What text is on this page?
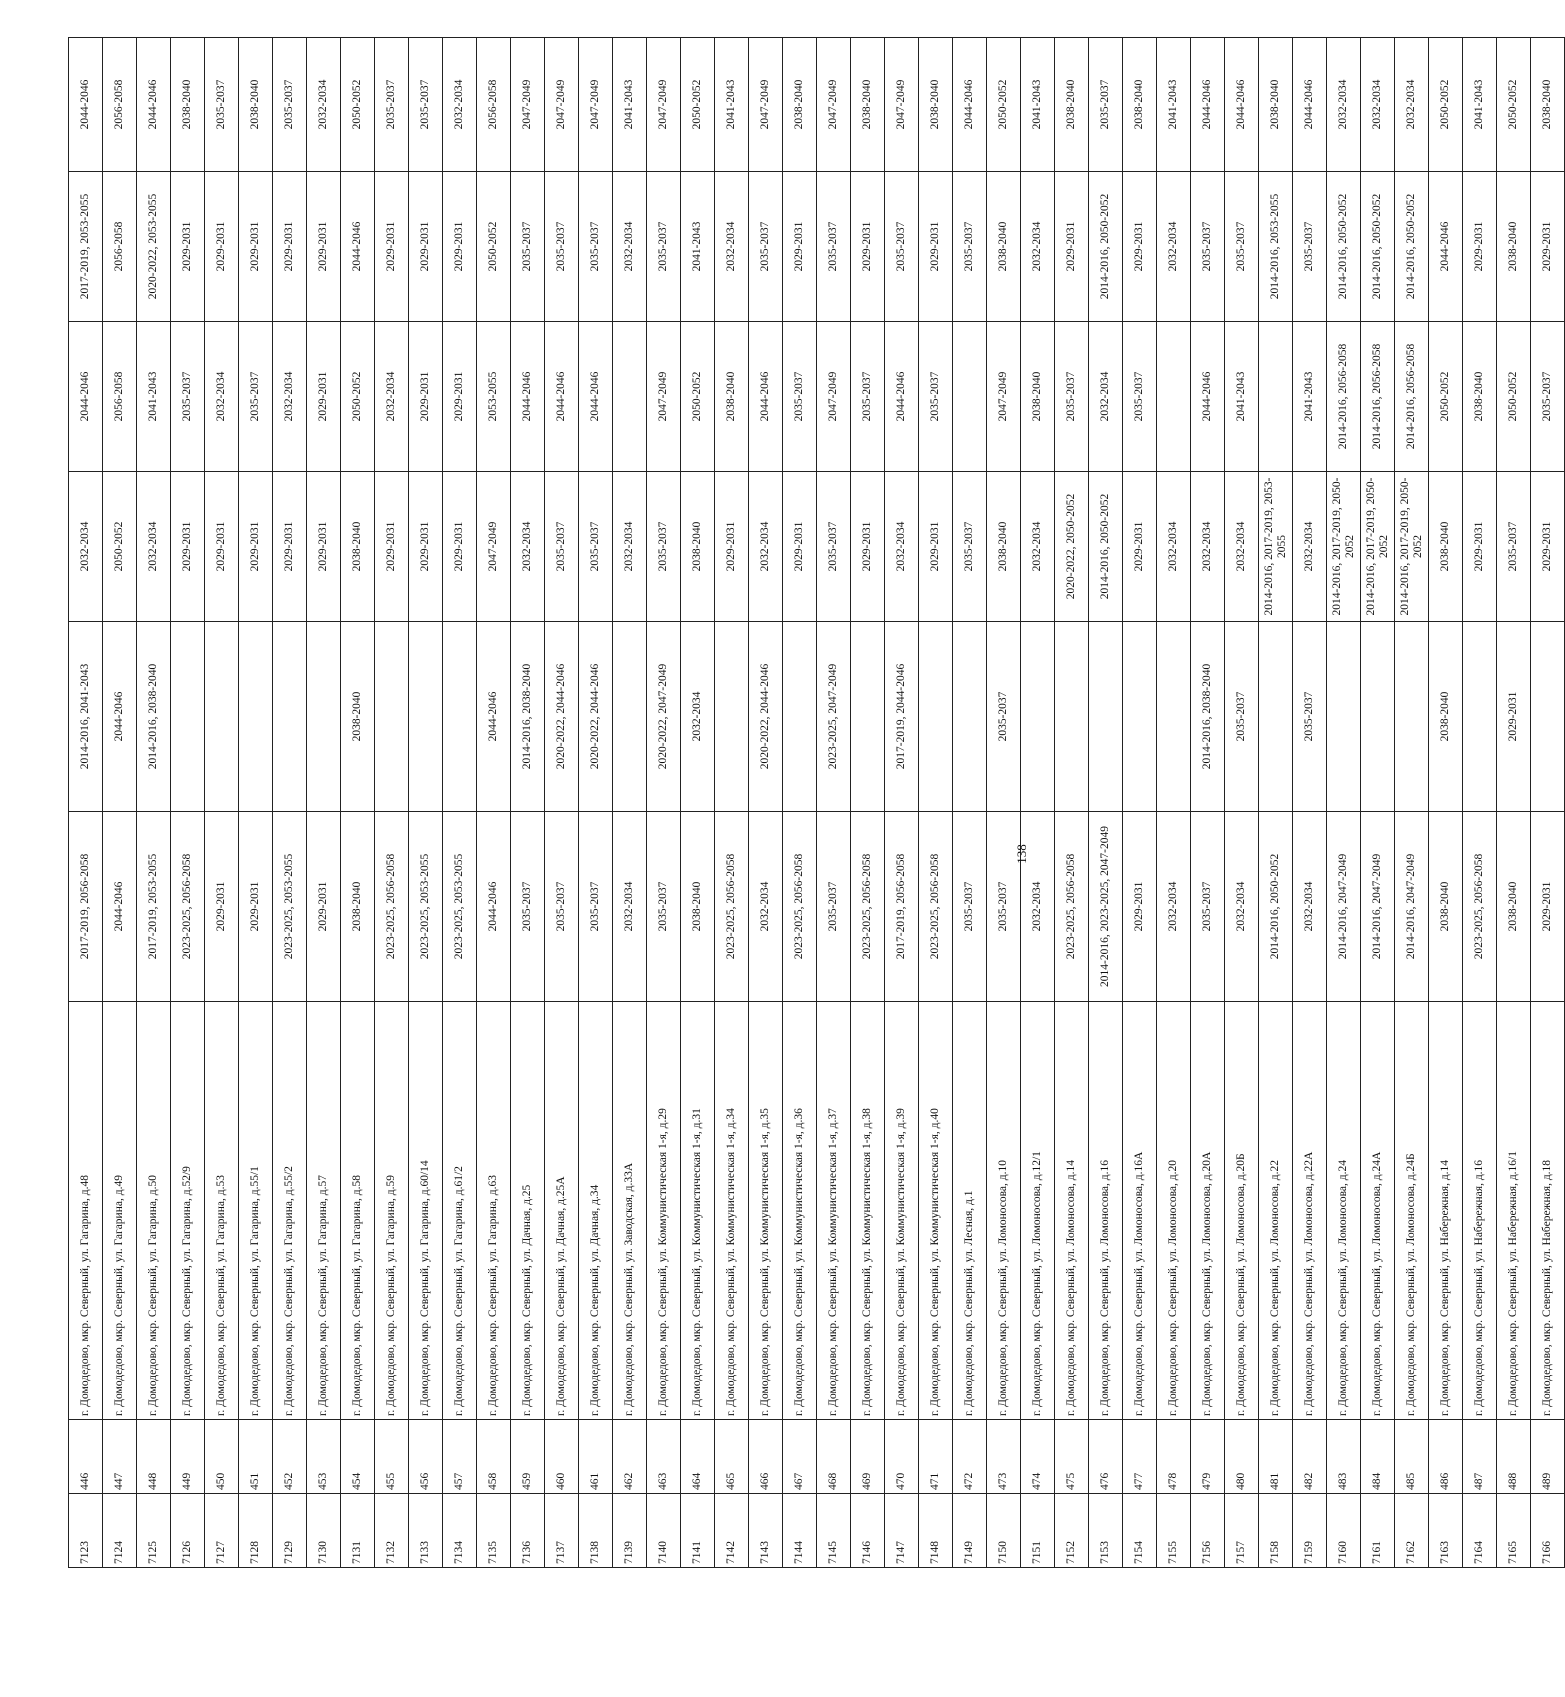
7123	446	г. Домодедово, мкр. Северный, ул. Гагарина, д.48	2017-2019, 2056-2058	2014-2016, 2041-2043	2032-2034	2044-2046	2017-2019, 2053-2055	2044-2046
7124	447	г. Домодедово, мкр. Северный, ул. Гагарина, д.49	2044-2046	2044-2046	2050-2052	2056-2058	2056-2058	2056-2058
7125	448	г. Домодедово, мкр. Северный, ул. Гагарина, д.50	2017-2019, 2053-2055	2014-2016, 2038-2040	2032-2034	2041-2043	2020-2022, 2053-2055	2044-2046
7126	449	г. Домодедово, мкр. Северный, ул. Гагарина, д.52/9	2023-2025, 2056-2058		2029-2031	2035-2037	2029-2031	2038-2040
7127	450	г. Домодедово, мкр. Северный, ул. Гагарина, д.53	2029-2031		2029-2031	2032-2034	2029-2031	2035-2037
7128	451	г. Домодедово, мкр. Северный, ул. Гагарина, д.55/1	2029-2031		2029-2031	2035-2037	2029-2031	2038-2040
7129	452	г. Домодедово, мкр. Северный, ул. Гагарина, д.55/2	2023-2025, 2053-2055		2029-2031	2032-2034	2029-2031	2035-2037
7130	453	г. Домодедово, мкр. Северный, ул. Гагарина, д.57	2029-2031		2029-2031	2029-2031	2029-2031	2032-2034
7131	454	г. Домодедово, мкр. Северный, ул. Гагарина, д.58	2038-2040	2038-2040	2038-2040	2050-2052	2044-2046	2050-2052
7132	455	г. Домодедово, мкр. Северный, ул. Гагарина, д.59	2023-2025, 2056-2058		2029-2031	2032-2034	2029-2031	2035-2037
7133	456	г. Домодедово, мкр. Северный, ул. Гагарина, д.60/14	2023-2025, 2053-2055		2029-2031	2029-2031	2029-2031	2035-2037
7134	457	г. Домодедово, мкр. Северный, ул. Гагарина, д.61/2	2023-2025, 2053-2055		2029-2031	2029-2031	2029-2031	2032-2034
7135	458	г. Домодедово, мкр. Северный, ул. Гагарина, д.63	2044-2046	2044-2046	2047-2049	2053-2055	2050-2052	2056-2058
7136	459	г. Домодедово, мкр. Северный, ул. Дачная, д.25	2035-2037	2014-2016, 2038-2040	2032-2034	2044-2046	2035-2037	2047-2049
7137	460	г. Домодедово, мкр. Северный, ул. Дачная, д.25А	2035-2037	2020-2022, 2044-2046	2035-2037	2044-2046	2035-2037	2047-2049
7138	461	г. Домодедово, мкр. Северный, ул. Дачная, д.34	2035-2037	2020-2022, 2044-2046	2035-2037	2044-2046	2035-2037	2047-2049
7139	462	г. Домодедово, мкр. Северный, ул. Заводская, д.33А	2032-2034		2032-2034		2032-2034	2041-2043
7140	463	г. Домодедово, мкр. Северный, ул. Коммунистическая 1-я, д.29	2035-2037	2020-2022, 2047-2049	2035-2037	2047-2049	2035-2037	2047-2049
7141	464	г. Домодедово, мкр. Северный, ул. Коммунистическая 1-я, д.31	2038-2040	2032-2034	2038-2040	2050-2052	2041-2043	2050-2052
7142	465	г. Домодедово, мкр. Северный, ул. Коммунистическая 1-я, д.34	2023-2025, 2056-2058		2029-2031	2038-2040	2032-2034	2041-2043
7143	466	г. Домодедово, мкр. Северный, ул. Коммунистическая 1-я, д.35	2032-2034	2020-2022, 2044-2046	2032-2034	2044-2046	2035-2037	2047-2049
7144	467	г. Домодедово, мкр. Северный, ул. Коммунистическая 1-я, д.36	2023-2025, 2056-2058		2029-2031	2035-2037	2029-2031	2038-2040
7145	468	г. Домодедово, мкр. Северный, ул. Коммунистическая 1-я, д.37	2035-2037	2023-2025, 2047-2049	2035-2037	2047-2049	2035-2037	2047-2049
7146	469	г. Домодедово, мкр. Северный, ул. Коммунистическая 1-я, д.38	2023-2025, 2056-2058		2029-2031	2035-2037	2029-2031	2038-2040
7147	470	г. Домодедово, мкр. Северный, ул. Коммунистическая 1-я, д.39	2017-2019, 2056-2058	2017-2019, 2044-2046	2032-2034	2044-2046	2035-2037	2047-2049
7148	471	г. Домодедово, мкр. Северный, ул. Коммунистическая 1-я, д.40	2023-2025, 2056-2058		2029-2031	2035-2037	2029-2031	2038-2040
7149	472	г. Домодедово, мкр. Северный, ул. Лесная, д.1	2035-2037		2035-2037		2035-2037	2044-2046
7150	473	г. Домодедово, мкр. Северный, ул. Ломоносова, д.10	2035-2037	2035-2037	2038-2040	2047-2049	2038-2040	2050-2052
7151	474	г. Домодедово, мкр. Северный, ул. Ломоносова, д.12/1	2032-2034		2032-2034	2038-2040	2032-2034	2041-2043
7152	475	г. Домодедово, мкр. Северный, ул. Ломоносова, д.14	2023-2025, 2056-2058		2020-2022, 2050-2052	2035-2037	2029-2031	2038-2040
7153	476	г. Домодедово, мкр. Северный, ул. Ломоносова, д.16	2014-2016, 2023-2025, 2047-2049		2014-2016, 2050-2052	2032-2034	2014-2016, 2050-2052	2035-2037
7154	477	г. Домодедово, мкр. Северный, ул. Ломоносова, д.16А	2029-2031		2029-2031	2035-2037	2029-2031	2038-2040
7155	478	г. Домодедово, мкр. Северный, ул. Ломоносова, д.20	2032-2034		2032-2034		2032-2034	2041-2043
7156	479	г. Домодедово, мкр. Северный, ул. Ломоносова, д.20А	2035-2037	2014-2016, 2038-2040	2032-2034	2044-2046	2035-2037	2044-2046
7157	480	г. Домодедово, мкр. Северный, ул. Ломоносова, д.20Б	2032-2034	2035-2037	2032-2034	2041-2043	2035-2037	2044-2046
7158	481	г. Домодедово, мкр. Северный, ул. Ломоносова, д.22	2014-2016, 2050-2052		2014-2016, 2017-2019, 2053-2055		2014-2016, 2053-2055	2038-2040
7159	482	г. Домодедово, мкр. Северный, ул. Ломоносова, д.22А	2032-2034	2035-2037	2032-2034	2041-2043	2035-2037	2044-2046
7160	483	г. Домодедово, мкр. Северный, ул. Ломоносова, д.24	2014-2016, 2047-2049		2014-2016, 2017-2019, 2050-2052	2014-2016, 2056-2058	2014-2016, 2050-2052	2032-2034
7161	484	г. Домодедово, мкр. Северный, ул. Ломоносова, д.24А	2014-2016, 2047-2049		2014-2016, 2017-2019, 2050-2052	2014-2016, 2056-2058	2014-2016, 2050-2052	2032-2034
7162	485	г. Домодедово, мкр. Северный, ул. Ломоносова, д.24Б	2014-2016, 2047-2049		2014-2016, 2017-2019, 2050-2052	2014-2016, 2056-2058	2014-2016, 2050-2052	2032-2034
7163	486	г. Домодедово, мкр. Северный, ул. Набережная, д.14	2038-2040	2038-2040	2038-2040	2050-2052	2044-2046	2050-2052
7164	487	г. Домодедово, мкр. Северный, ул. Набережная, д.16	2023-2025, 2056-2058		2029-2031	2038-2040	2029-2031	2041-2043
7165	488	г. Домодедово, мкр. Северный, ул. Набережная, д.16/1	2038-2040	2029-2031	2035-2037	2050-2052	2038-2040	2050-2052
7166	489	г. Домодедово, мкр. Северный, ул. Набережная, д.18	2029-2031		2029-2031	2035-2037	2029-2031	2038-2040
138
